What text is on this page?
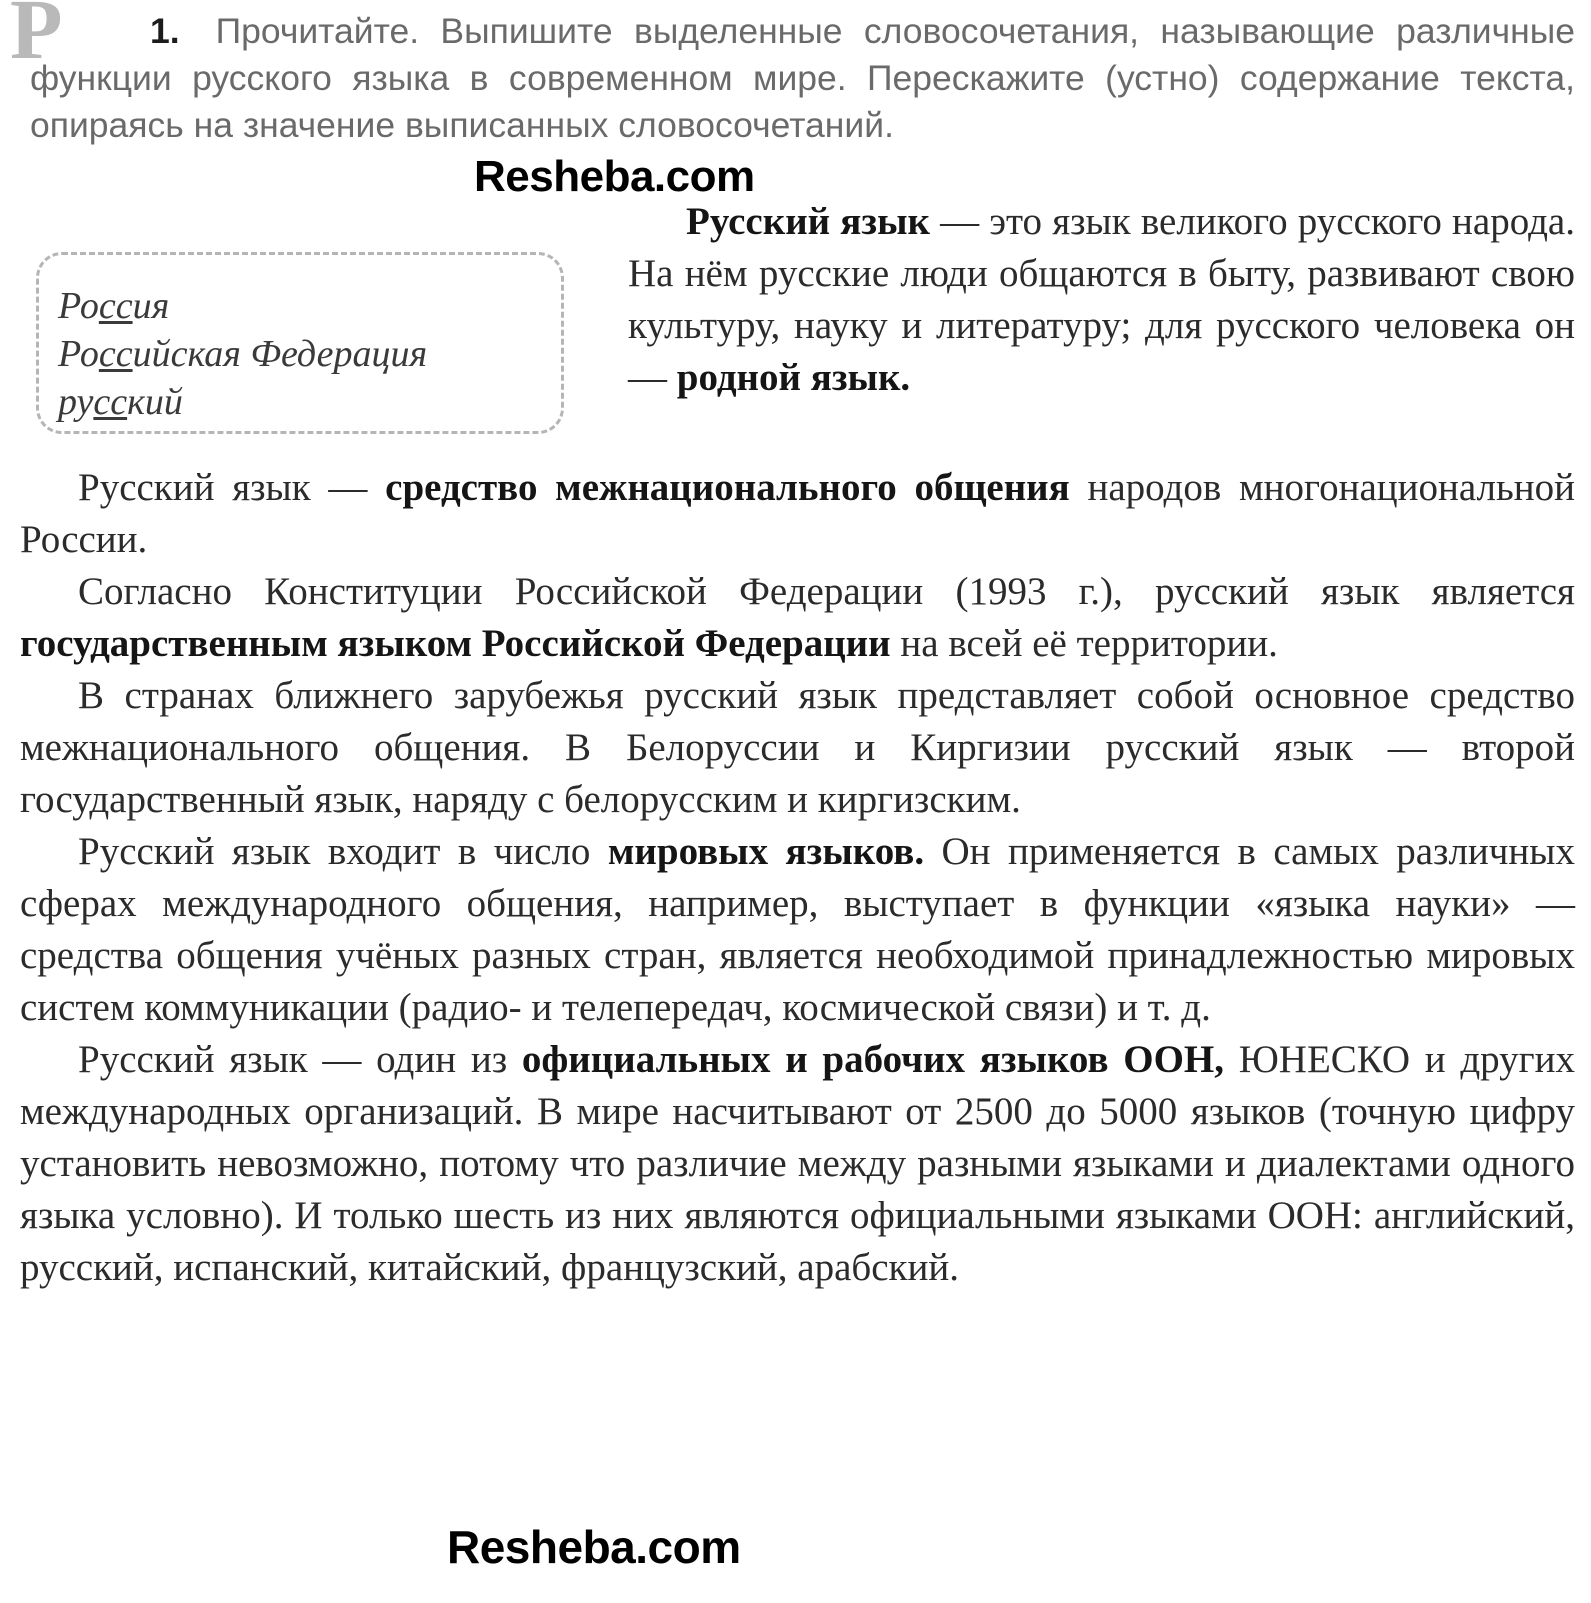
Р	1. Прочитайте. Выпишите выделенные словосочетания, называющие различные функции русского языка в современном мире. Перескажите (устно) содержание текста, опираясь на значение выписанных словосочетаний.
Resheba.com
Россия
Российская Федерация
русский
Русский язык — это язык великого русского народа. На нём русские люди общаются в быту, развивают свою культуру, науку и литературу; для русского человека он — родной язык.

Русский язык — средство межнационального общения народов многонациональной России.

Согласно Конституции Российской Федерации (1993 г.), русский язык является государственным языком Российской Федерации на всей её территории.

В странах ближнего зарубежья русский язык представляет собой основное средство межнационального общения. В Белоруссии и Киргизии русский язык — второй государственный язык, наряду с белорусским и киргизским.

Русский язык входит в число мировых языков. Он применяется в самых различных сферах международного общения, например, выступает в функции «языка науки» — средства общения учёных разных стран, является необходимой принадлежностью мировых систем коммуникации (радио- и телепередач, космической связи) и т. д.

Русский язык — один из официальных и рабочих языков ООН, ЮНЕСКО и других международных организаций. В мире насчитывают от 2500 до 5000 языков (точную цифру установить невозможно, потому что различие между разными языками и диалектами одного языка условно). И только шесть из них являются официальными языками ООН: английский, русский, испанский, китайский, французский, арабский.

Resheba.com
